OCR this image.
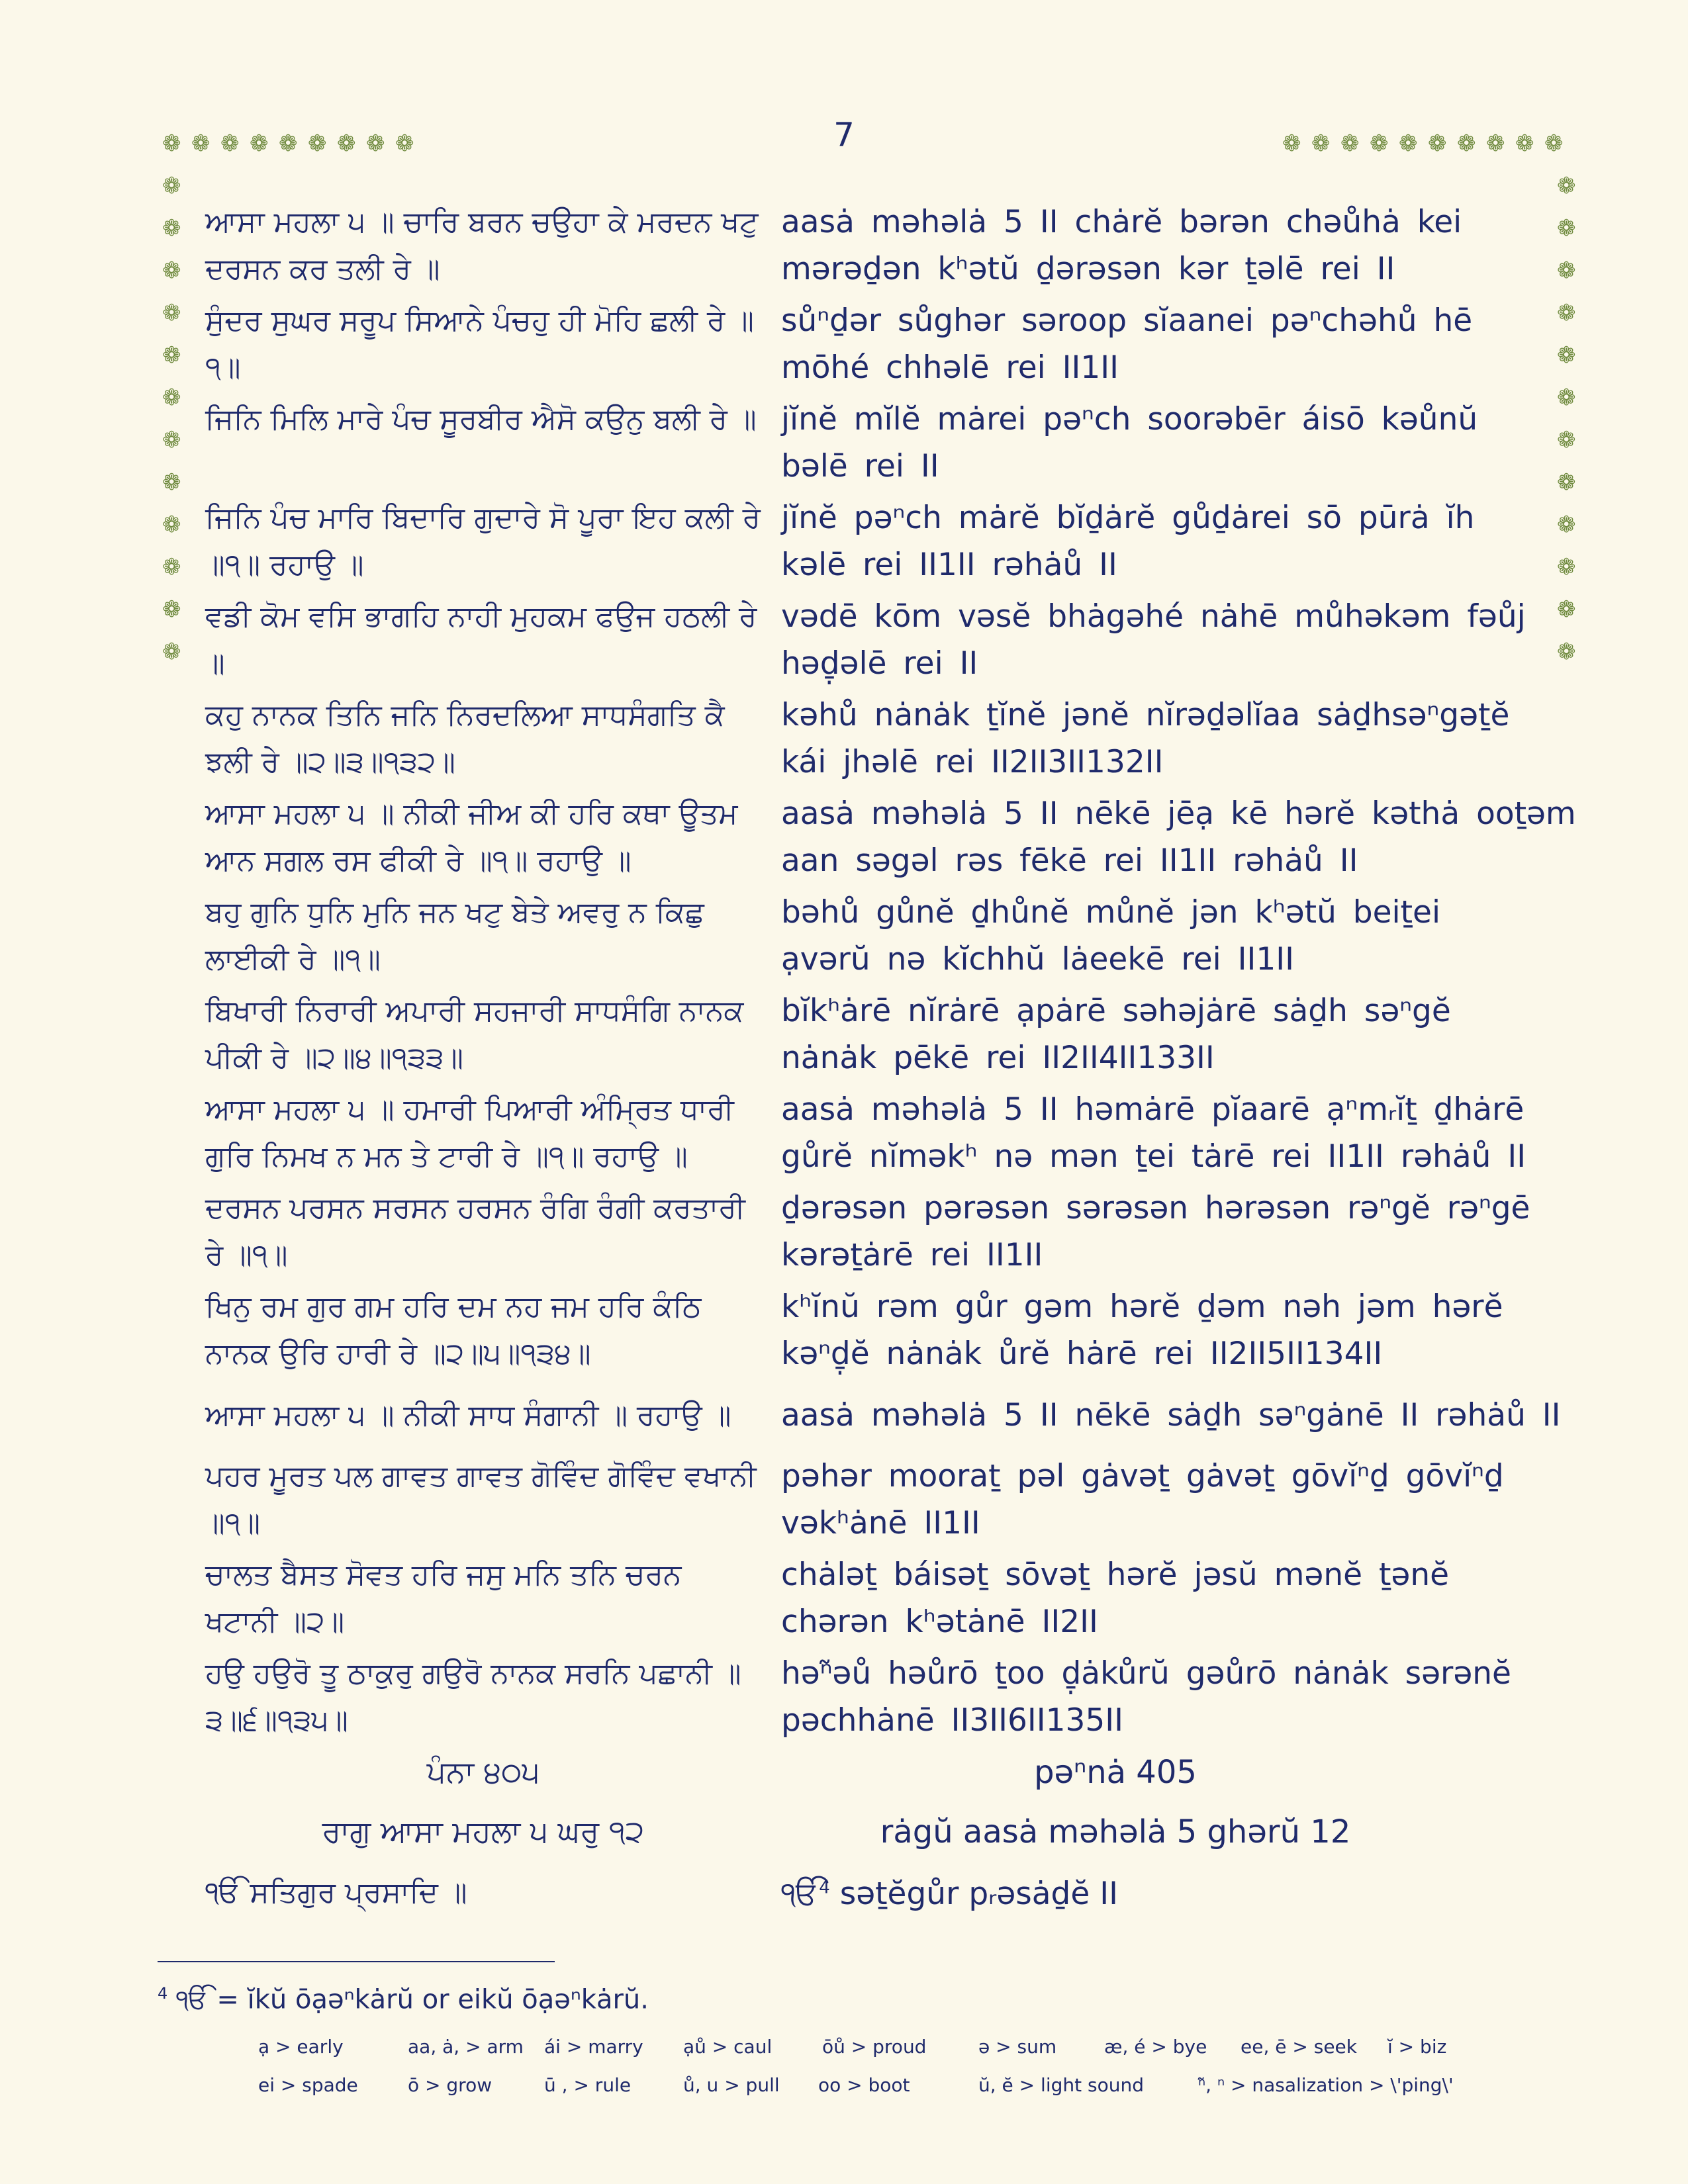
7
❁ ❁ ❁ ❁ ❁ ❁ ❁ ❁ ❁	❁ ❁ ❁ ❁ ❁ ❁ ❁ ❁ ❁ ❁
❁
❁
❁
❁
❁
❁
❁
❁
❁
❁
❁
❁
❁
❁
❁
❁
❁
❁
❁
❁
❁
❁
❁
❁
ਆਸਾ ਮਹਲਾ ੫ ॥ ਚਾਰਿ ਬਰਨ ਚਉਹਾ ਕੇ ਮਰਦਨ ਖਟੁ ਦਰਸਨ ਕਰ ਤਲੀ ਰੇ ॥
aasȧ məhəlȧ 5 II chȧrĕ bərən chəůhȧ kei
mərəḏən kʰətŭ ḏərəsən kər ṯəlē rei II
ਸੁੰਦਰ ਸੁਘਰ ਸਰੂਪ ਸਿਆਨੇ ਪੰਚਹੁ ਹੀ ਮੋਹਿ ਛਲੀ ਰੇ ॥੧॥
sůⁿḏər sůghər səroop sĭaanei pəⁿchəhů hē
mōhé chhəlē rei II1II
ਜਿਨਿ ਮਿਲਿ ਮਾਰੇ ਪੰਚ ਸੂਰਬੀਰ ਐਸੋ ਕਉਨੁ ਬਲੀ ਰੇ ॥ jĭnĕ mĭlĕ mȧrei pəⁿch soorəbēr áisō kəůnŭ
bəlē rei II
ਜਿਨਿ ਪੰਚ ਮਾਰਿ ਬਿਦਾਰਿ ਗੁਦਾਰੇ ਸੋ ਪੂਰਾ ਇਹ ਕਲੀ ਰੇ ॥੧॥ ਰਹਾਉ ॥
jĭnĕ pəⁿch mȧrĕ bĭḏȧrĕ gůḏȧrei sō pūrȧ ĭh
kəlē rei II1II rəhȧů II
ਵਡੀ ਕੋਮ ਵਸਿ ਭਾਗਹਿ ਨਾਹੀ ਮੁਹਕਮ ਫਉਜ ਹਠਲੀ ਰੇ ॥
vədē kōm vəsĕ bhȧgəhé nȧhē můhəkəm fəůj
həḏ̣əlē rei II
ਕਹੁ ਨਾਨਕ ਤਿਨਿ ਜਨਿ ਨਿਰਦਲਿਆ ਸਾਧਸੰਗਤਿ ਕੈ ਝਲੀ ਰੇ ॥੨॥੩॥੧੩੨॥
kəhů nȧnȧk ṯĭnĕ jənĕ nĭrəḏəlĭaa sȧḏhsəⁿgəṯĕ
kái jhəlē rei II2II3II132II
ਆਸਾ ਮਹਲਾ ੫ ॥ ਨੀਕੀ ਜੀਅ ਕੀ ਹਰਿ ਕਥਾ ਊਤਮ ਆਨ ਸਗਲ ਰਸ ਫੀਕੀ ਰੇ ॥੧॥ ਰਹਾਉ ॥
aasȧ məhəlȧ 5 II nēkē jēạ kē hərĕ kəthȧ ooṯəm
aan səgəl rəs fēkē rei II1II rəhȧů II
ਬਹੁ ਗੁਨਿ ਧੁਨਿ ਮੁਨਿ ਜਨ ਖਟੁ ਬੇਤੇ ਅਵਰੁ ਨ ਕਿਛੁ ਲਾਈਕੀ ਰੇ ॥੧॥
bəhů gůnĕ ḏhůnĕ můnĕ jən kʰətŭ beiṯei
ạvərŭ nə kĭchhŭ lȧeekē rei II1II
ਬਿਖਾਰੀ ਨਿਰਾਰੀ ਅਪਾਰੀ ਸਹਜਾਰੀ ਸਾਧਸੰਗਿ ਨਾਨਕ ਪੀਕੀ ਰੇ ॥੨॥੪॥੧੩੩॥
bĭkʰȧrē nĭrȧrē ạpȧrē səhəjȧrē sȧḏh səⁿgĕ
nȧnȧk pēkē rei II2II4II133II
ਆਸਾ ਮਹਲਾ ੫ ॥ ਹਮਾਰੀ ਪਿਆਰੀ ਅੰਮ੍ਰਿਤ ਧਾਰੀ ਗੁਰਿ ਨਿਮਖ ਨ ਮਨ ਤੇ ਟਾਰੀ ਰੇ ॥੧॥ ਰਹਾਉ ॥
aasȧ məhəlȧ 5 II həmȧrē pĭaarē ạⁿmᵣĭṯ ḏhȧrē
gůrĕ nĭməkʰ nə mən ṯei tȧrē rei II1II rəhȧů II
ਦਰਸਨ ਪਰਸਨ ਸਰਸਨ ਹਰਸਨ ਰੰਗਿ ਰੰਗੀ ਕਰਤਾਰੀ ਰੇ ॥੧॥
ḏərəsən pərəsən sərəsən hərəsən rəⁿgĕ rəⁿgē
kərəṯȧrē rei II1II
ਖਿਨੁ ਰਮ ਗੁਰ ਗਮ ਹਰਿ ਦਮ ਨਹ ਜਮ ਹਰਿ ਕੰਠਿ ਨਾਨਕ ਉਰਿ ਹਾਰੀ ਰੇ ॥੨॥੫॥੧੩੪॥
kʰĭnŭ rəm gůr gəm hərĕ ḏəm nəh jəm hərĕ
kəⁿḏ̣ĕ nȧnȧk ůrĕ hȧrē rei II2II5II134II
ਆਸਾ ਮਹਲਾ ੫ ॥ ਨੀਕੀ ਸਾਧ ਸੰਗਾਨੀ ॥ ਰਹਾਉ ॥	aasȧ məhəlȧ 5 II nēkē sȧḏh səⁿgȧnē II rəhȧů II
ਪਹਰ ਮੂਰਤ ਪਲ ਗਾਵਤ ਗਾਵਤ ਗੋਵਿੰਦ ਗੋਵਿੰਦ ਵਖਾਨੀ ॥੧॥
pəhər mooraṯ pəl gȧvəṯ gȧvəṯ gōvĭⁿḏ gōvĭⁿḏ
vəkʰȧnē II1II
ਚਾਲਤ ਬੈਸਤ ਸੋਵਤ ਹਰਿ ਜਸੁ ਮਨਿ ਤਨਿ ਚਰਨ ਖਟਾਨੀ ॥੨॥
chȧləṯ báisəṯ sōvəṯ hərĕ jəsŭ mənĕ ṯənĕ
chərən kʰətȧnē II2II
ਹਉ ਹਉਰੋ ਤੂ ਠਾਕੁਰੁ ਗਉਰੋ ਨਾਨਕ ਸਰਨਿ ਪਛਾਨੀ ॥੩॥੬॥੧੩੫॥
həⁿ̃əů həůrō ṯoo ḏ̣ȧkůrŭ gəůrō nȧnȧk sərənĕ
pəchhȧnē II3II6II135II
ਪੰਨਾ ੪੦੫	pəⁿnȧ 405
ਰਾਗੁ ਆਸਾ ਮਹਲਾ ੫ ਘਰੁ ੧੨	rȧgŭ aasȧ məhəlȧ 5 ghərŭ 12
ੴ ਸਤਿਗੁਰ ਪ੍ਰਸਾਦਿ ॥	ੴ$^4$ səṯĕgůr pᵣəsȧḏĕ II
$^4$ ੴ = ĭkŭ ōạəⁿkȧrŭ or eikŭ ōạəⁿkȧrŭ.
ạ > early	aa, ȧ, > arm ái > marry ạů > caul	ōů > proud	ə > sum	æ, é > bye ee, ē > seek ĭ > biz
ei > spade	ō > grow	ū , > rule	ů, u > pull oo > boot	ŭ, ĕ > light sound	ⁿ̃, ⁿ > nasalization > \'ping\'
